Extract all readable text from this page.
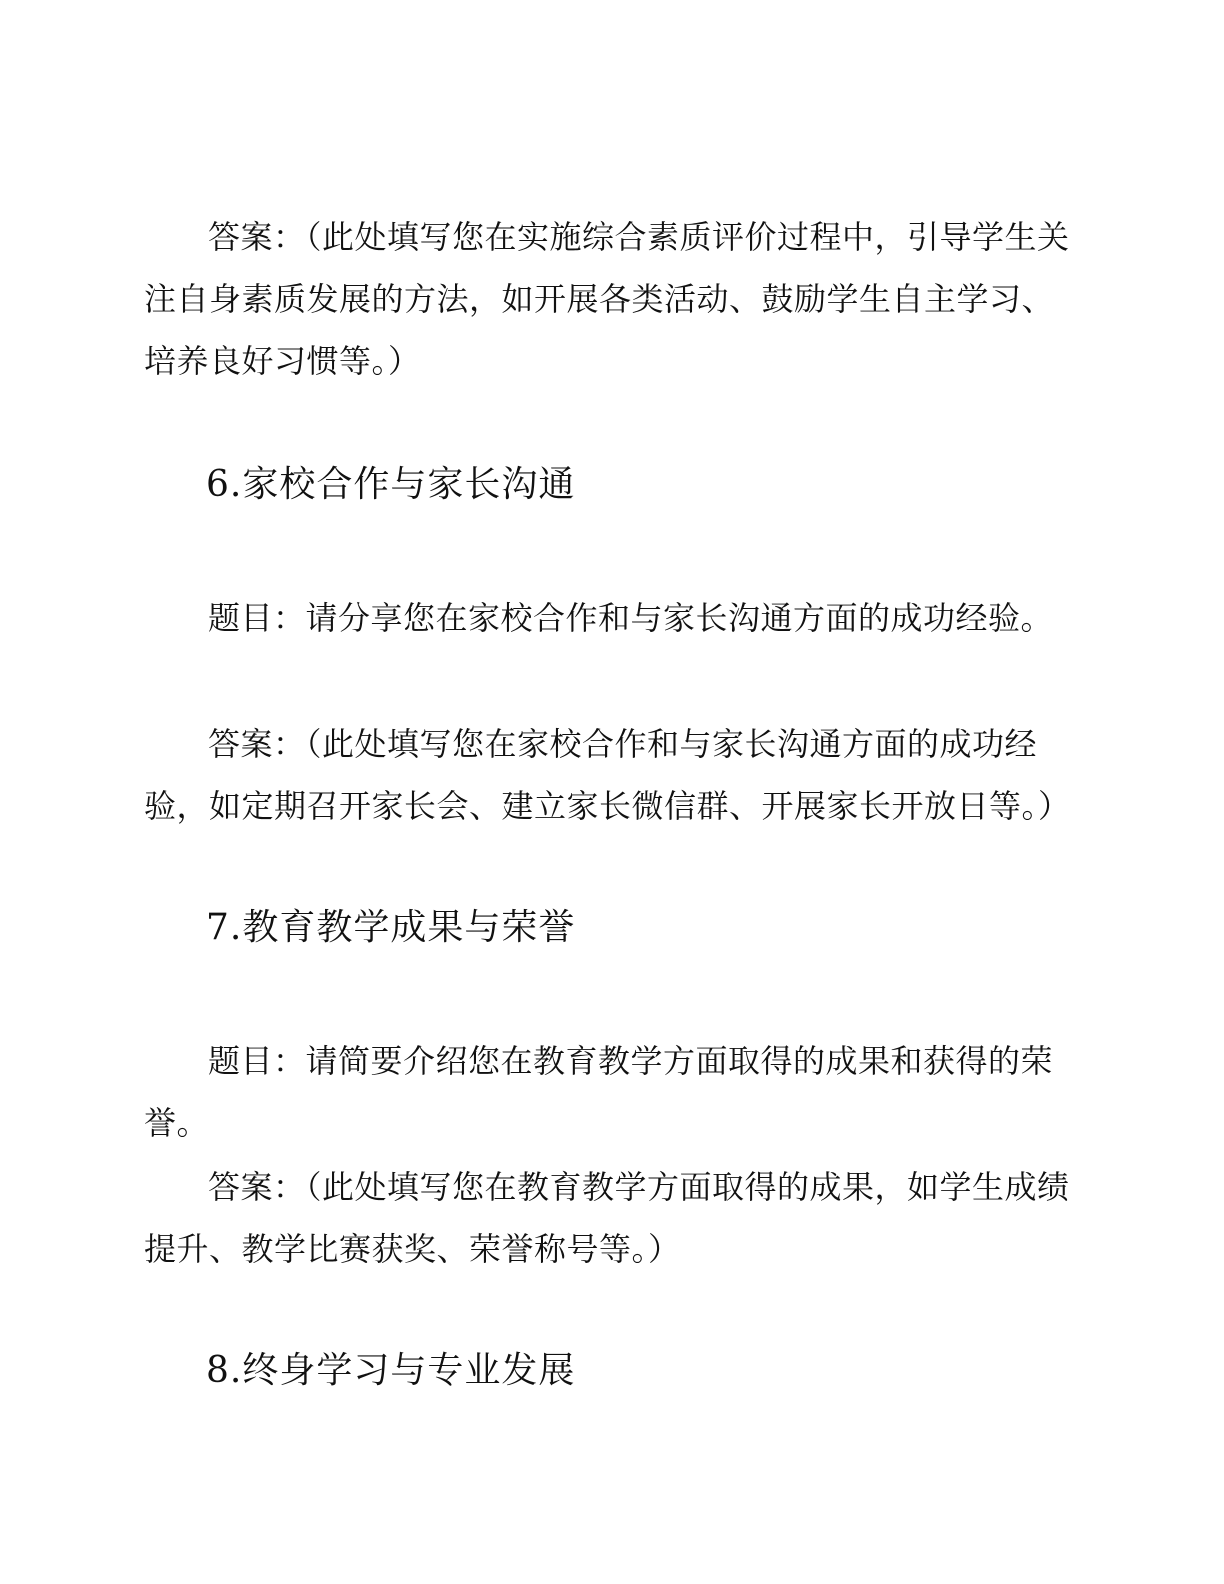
答案：（此处填写您在实施综合素质评价过程中，引导学生关注自身素质发展的方法，如开展各类活动、鼓励学生自主学习、培养良好习惯等。）

6.家校合作与家长沟通

题目：请分享您在家校合作和与家长沟通方面的成功经验。

答案：（此处填写您在家校合作和与家长沟通方面的成功经验，如定期召开家长会、建立家长微信群、开展家长开放日等。）

7.教育教学成果与荣誉

题目：请简要介绍您在教育教学方面取得的成果和获得的荣誉。

答案：（此处填写您在教育教学方面取得的成果，如学生成绩提升、教学比赛获奖、荣誉称号等。）

8.终身学习与专业发展
